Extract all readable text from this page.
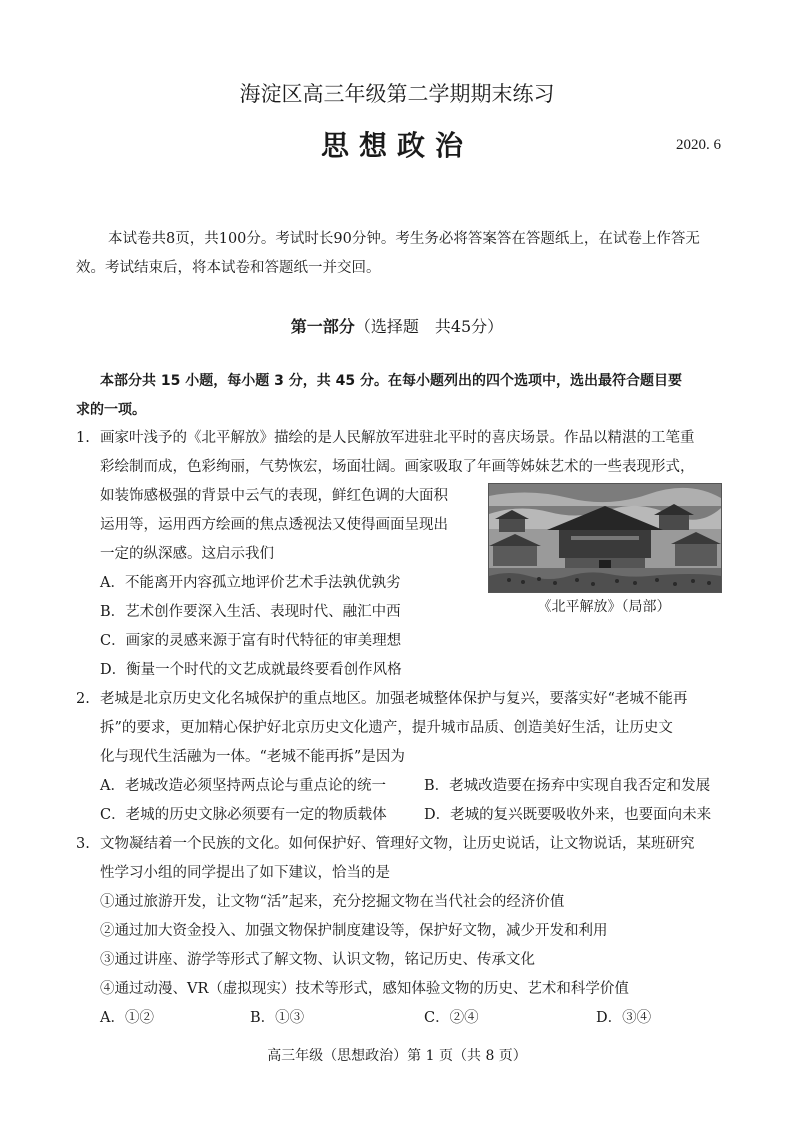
海淀区高三年级第二学期期末练习
思想政治	2020. 6
本试卷共8页，共100分。考试时长90分钟。考生务必将答案答在答题纸上，在试卷上作答无
效。考试结束后，将本试卷和答题纸一并交回。
第一部分（选择题　共45分）
本部分共 15 小题，每小题 3 分，共 45 分。在每小题列出的四个选项中，选出最符合题目要
求的一项。
1. 画家叶浅予的《北平解放》描绘的是人民解放军进驻北平时的喜庆场景。作品以精湛的工笔重
彩绘制而成，色彩绚丽，气势恢宏，场面壮阔。画家吸取了年画等姊妹艺术的一些表现形式，
如装饰感极强的背景中云气的表现，鲜红色调的大面积
运用等，运用西方绘画的焦点透视法又使得画面呈现出
一定的纵深感。这启示我们
A．不能离开内容孤立地评价艺术手法孰优孰劣
B．艺术创作要深入生活、表现时代、融汇中西
C．画家的灵感来源于富有时代特征的审美理想
D．衡量一个时代的文艺成就最终要看创作风格
《北平解放》（局部）
2. 老城是北京历史文化名城保护的重点地区。加强老城整体保护与复兴，要落实好“老城不能再
拆”的要求，更加精心保护好北京历史文化遗产，提升城市品质、创造美好生活，让历史文
化与现代生活融为一体。“老城不能再拆”是因为
A．老城改造必须坚持两点论与重点论的统一	B．老城改造要在扬弃中实现自我否定和发展
C．老城的历史文脉必须要有一定的物质载体	D．老城的复兴既要吸收外来，也要面向未来
3. 文物凝结着一个民族的文化。如何保护好、管理好文物，让历史说话，让文物说话，某班研究
性学习小组的同学提出了如下建议，恰当的是
①通过旅游开发，让文物“活”起来，充分挖掘文物在当代社会的经济价值
②通过加大资金投入、加强文物保护制度建设等，保护好文物，减少开发和利用
③通过讲座、游学等形式了解文物、认识文物，铭记历史、传承文化
④通过动漫、VR（虚拟现实）技术等形式，感知体验文物的历史、艺术和科学价值
A．①②	B．①③	C．②④	D．③④
高三年级（思想政治）第 1 页（共 8 页）
